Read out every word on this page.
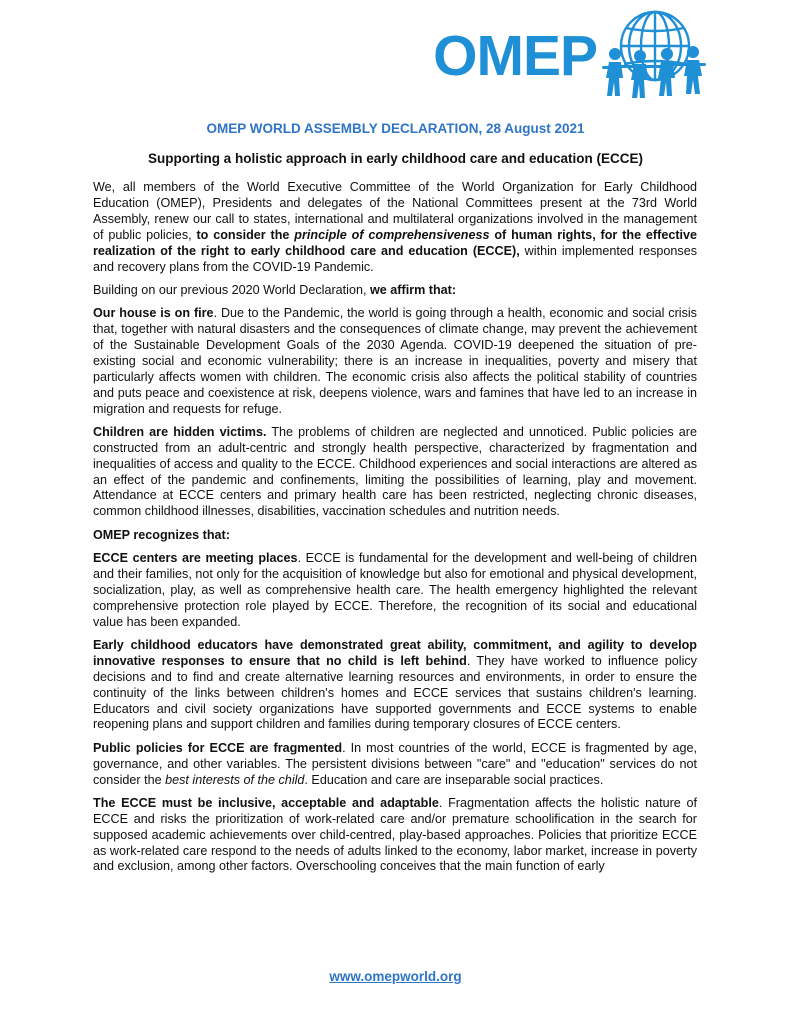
OMEP
OMEP WORLD ASSEMBLY DECLARATION, 28 August 2021
Supporting a holistic approach in early childhood care and education (ECCE)

We, all members of the World Executive Committee of the World Organization for Early Childhood Education (OMEP), Presidents and delegates of the National Committees present at the 73rd World Assembly, renew our call to states, international and multilateral organizations involved in the management of public policies, to consider the principle of comprehensiveness of human rights, for the effective realization of the right to early childhood care and education (ECCE), within implemented responses and recovery plans from the COVID-19 Pandemic.

Building on our previous 2020 World Declaration, we affirm that:

Our house is on fire. Due to the Pandemic, the world is going through a health, economic and social crisis that, together with natural disasters and the consequences of climate change, may prevent the achievement of the Sustainable Development Goals of the 2030 Agenda. COVID-19 deepened the situation of pre-existing social and economic vulnerability; there is an increase in inequalities, poverty and misery that particularly affects women with children. The economic crisis also affects the political stability of countries and puts peace and coexistence at risk, deepens violence, wars and famines that have led to an increase in migration and requests for refuge.

Children are hidden victims. The problems of children are neglected and unnoticed. Public policies are constructed from an adult-centric and strongly health perspective, characterized by fragmentation and inequalities of access and quality to the ECCE. Childhood experiences and social interactions are altered as an effect of the pandemic and confinements, limiting the possibilities of learning, play and movement. Attendance at ECCE centers and primary health care has been restricted, neglecting chronic diseases, common childhood illnesses, disabilities, vaccination schedules and nutrition needs.

OMEP recognizes that:

ECCE centers are meeting places. ECCE is fundamental for the development and well-being of children and their families, not only for the acquisition of knowledge but also for emotional and physical development, socialization, play, as well as comprehensive health care. The health emergency highlighted the relevant comprehensive protection role played by ECCE. Therefore, the recognition of its social and educational value has been expanded.

Early childhood educators have demonstrated great ability, commitment, and agility to develop innovative responses to ensure that no child is left behind. They have worked to influence policy decisions and to find and create alternative learning resources and environments, in order to ensure the continuity of the links between children's homes and ECCE services that sustains children's learning. Educators and civil society organizations have supported governments and ECCE systems to enable reopening plans and support children and families during temporary closures of ECCE centers.

Public policies for ECCE are fragmented. In most countries of the world, ECCE is fragmented by age, governance, and other variables. The persistent divisions between "care" and "education" services do not consider the best interests of the child. Education and care are inseparable social practices.

The ECCE must be inclusive, acceptable and adaptable. Fragmentation affects the holistic nature of ECCE and risks the prioritization of work-related care and/or premature schoolification in the search for supposed academic achievements over child-centred, play-based approaches. Policies that prioritize ECCE as work-related care respond to the needs of adults linked to the economy, labor market, increase in poverty and exclusion, among other factors. Overschooling conceives that the main function of early

www.omepworld.org
